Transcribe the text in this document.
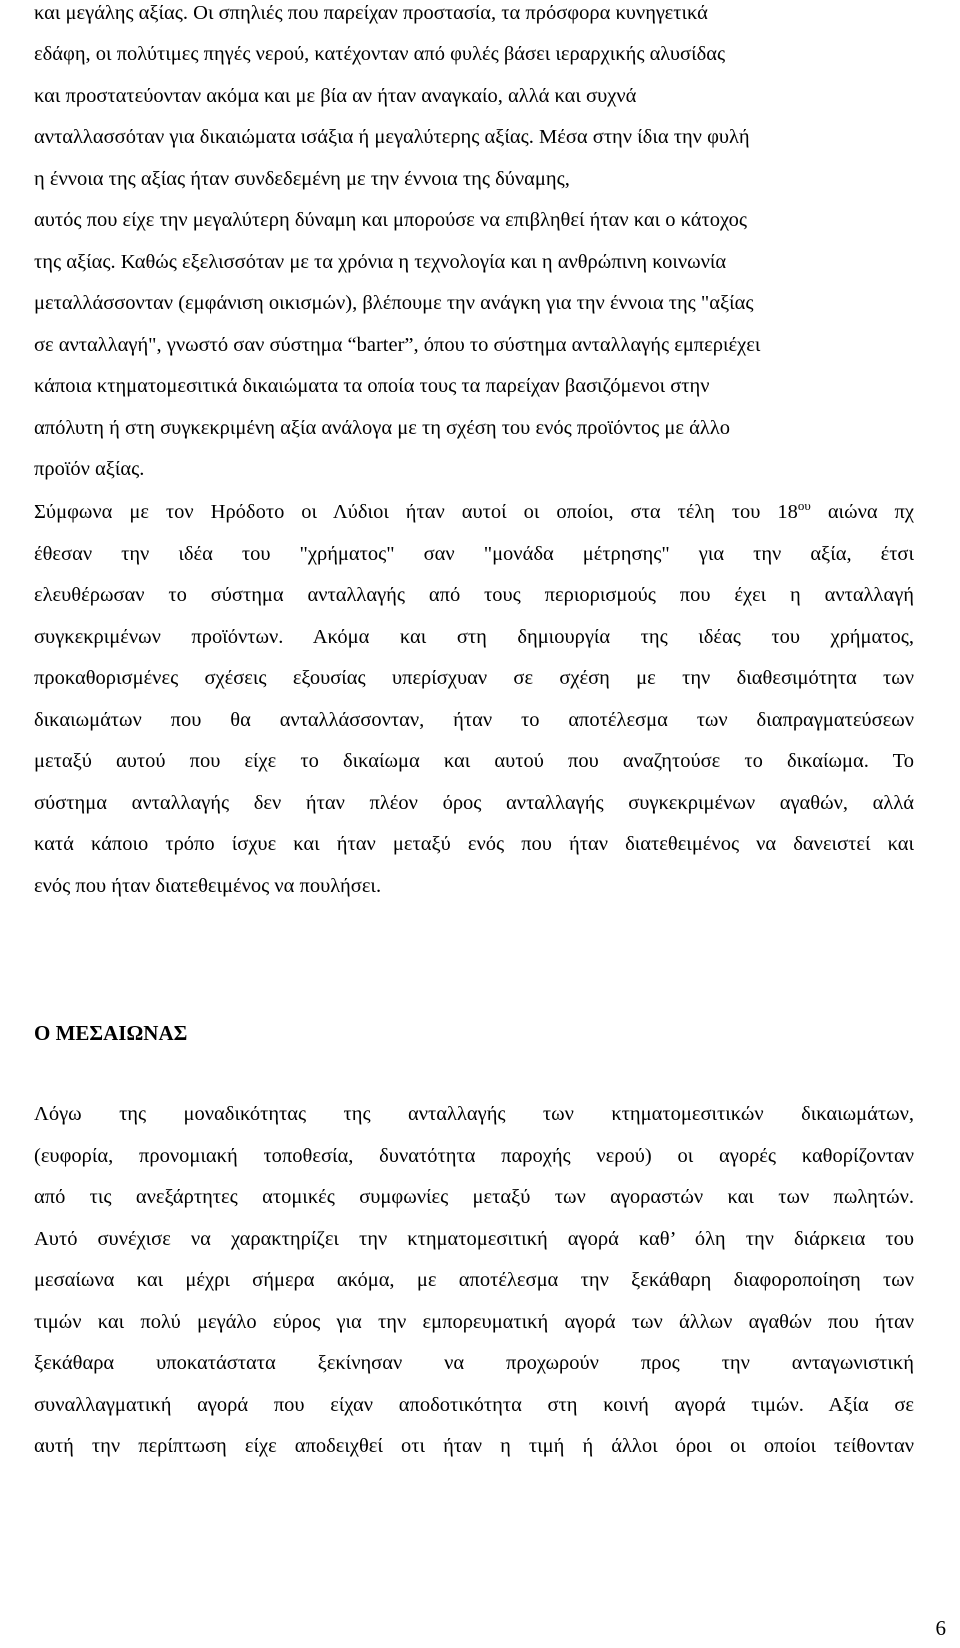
και μεγάλης αξίας. Οι σπηλιές που παρείχαν προστασία, τα πρόσφορα κυνηγετικά
εδάφη, οι πολύτιμες πηγές νερού, κατέχονταν από φυλές βάσει ιεραρχικής αλυσίδας
και προστατεύονταν ακόμα και με βία αν ήταν αναγκαίο, αλλά και συχνά
ανταλλασσόταν για δικαιώματα ισάξια ή μεγαλύτερης αξίας. Μέσα στην ίδια την φυλή
η έννοια της αξίας ήταν συνδεδεμένη με την έννοια της δύναμης,
αυτός που είχε την μεγαλύτερη δύναμη και μπορούσε να επιβληθεί ήταν και ο κάτοχος
της αξίας. Καθώς εξελισσόταν με τα χρόνια η τεχνολογία και η ανθρώπινη κοινωνία
μεταλλάσσονταν (εμφάνιση οικισμών), βλέπουμε την ανάγκη για την έννοια της "αξίας
σε ανταλλαγή", γνωστό σαν σύστημα “barter”, όπου το σύστημα ανταλλαγής εμπεριέχει
κάποια κτηματομεσιτικά δικαιώματα τα οποία τους τα παρείχαν βασιζόμενοι στην
απόλυτη ή στη συγκεκριμένη αξία ανάλογα με τη σχέση του ενός προϊόντος με άλλο
προϊόν αξίας.
Σύμφωνα με τον Ηρόδοτο οι Λύδιοι ήταν αυτοί οι οποίοι, στα τέλη του $18^{o\upsilon}$ αιώνα πχ
έθεσαν την ιδέα του "χρήματος" σαν "μονάδα μέτρησης" για την αξία, έτσι
ελευθέρωσαν το σύστημα ανταλλαγής από τους περιορισμούς που έχει η ανταλλαγή
συγκεκριμένων προϊόντων. Ακόμα και στη δημιουργία της ιδέας του χρήματος,
προκαθορισμένες σχέσεις εξουσίας υπερίσχυαν σε σχέση με την διαθεσιμότητα των
δικαιωμάτων που θα ανταλλάσσονταν, ήταν το αποτέλεσμα των διαπραγματεύσεων
μεταξύ αυτού που είχε το δικαίωμα και αυτού που αναζητούσε το δικαίωμα. Το
σύστημα ανταλλαγής δεν ήταν πλέον όρος ανταλλαγής συγκεκριμένων αγαθών, αλλά
κατά κάποιο τρόπο ίσχυε και ήταν μεταξύ ενός που ήταν διατεθειμένος να δανειστεί και
ενός που ήταν διατεθειμένος να πουλήσει.
Ο ΜΕΣΑΙΩΝΑΣ
Λόγω της μοναδικότητας της ανταλλαγής των κτηματομεσιτικών δικαιωμάτων,
(ευφορία, προνομιακή τοποθεσία, δυνατότητα παροχής νερού) οι αγορές καθορίζονταν
από τις ανεξάρτητες ατομικές συμφωνίες μεταξύ των αγοραστών και των πωλητών.
Αυτό συνέχισε να χαρακτηρίζει την κτηματομεσιτική αγορά καθ’ όλη την διάρκεια του
μεσαίωνα και μέχρι σήμερα ακόμα, με αποτέλεσμα την ξεκάθαρη διαφοροποίηση των
τιμών και πολύ μεγάλο εύρος για την εμπορευματική αγορά των άλλων αγαθών που ήταν
ξεκάθαρα υποκατάστατα ξεκίνησαν να προχωρούν προς την ανταγωνιστική
συναλλαγματική αγορά που είχαν αποδοτικότητα στη κοινή αγορά τιμών. Αξία σε
αυτή την περίπτωση είχε αποδειχθεί οτι ήταν η τιμή ή άλλοι όροι οι οποίοι τείθονταν
6
